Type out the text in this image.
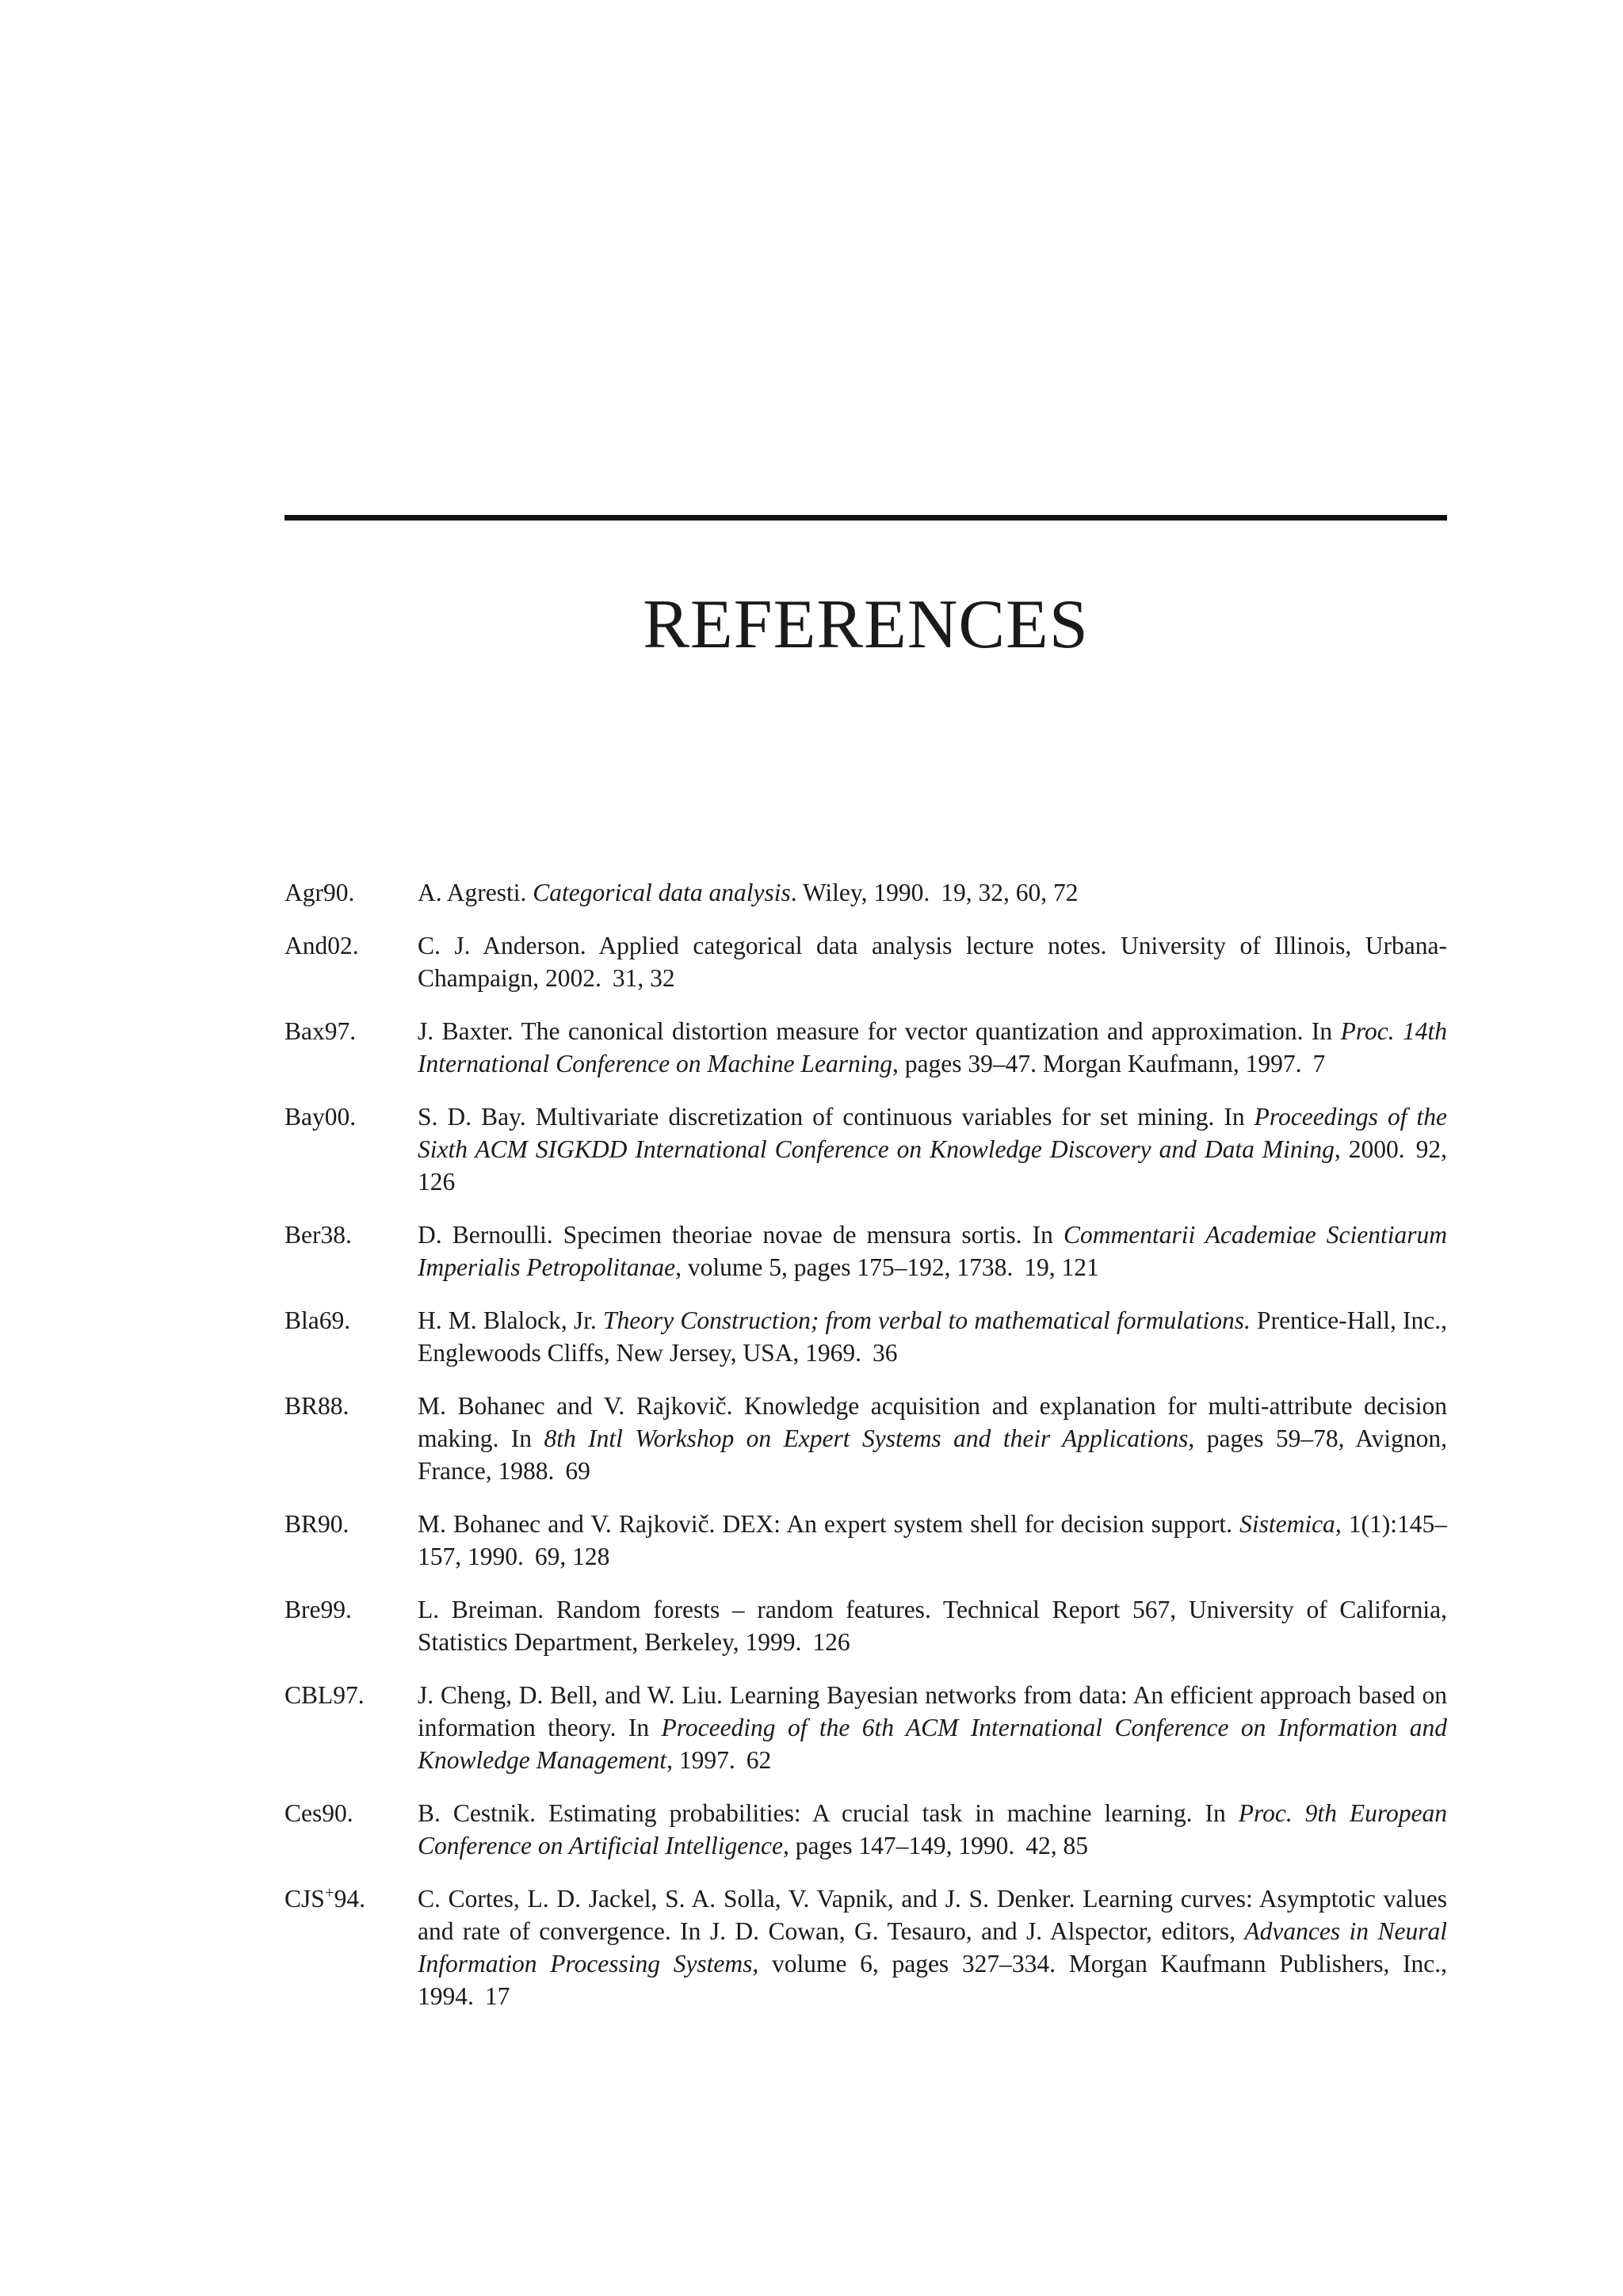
REFERENCES
Agr90.	A. Agresti. Categorical data analysis. Wiley, 1990. 19, 32, 60, 72
And02.	C. J. Anderson. Applied categorical data analysis lecture notes. University of Illinois, Urbana-Champaign, 2002. 31, 32
Bax97.	J. Baxter. The canonical distortion measure for vector quantization and approximation. In Proc. 14th International Conference on Machine Learning, pages 39–47. Morgan Kaufmann, 1997. 7
Bay00.	S. D. Bay. Multivariate discretization of continuous variables for set mining. In Proceedings of the Sixth ACM SIGKDD International Conference on Knowledge Discovery and Data Mining, 2000. 92, 126
Ber38.	D. Bernoulli. Specimen theoriae novae de mensura sortis. In Commentarii Academiae Scientiarum Imperialis Petropolitanae, volume 5, pages 175–192, 1738. 19, 121
Bla69.	H. M. Blalock, Jr. Theory Construction; from verbal to mathematical formulations. Prentice-Hall, Inc., Englewoods Cliffs, New Jersey, USA, 1969. 36
BR88.	M. Bohanec and V. Rajkovič. Knowledge acquisition and explanation for multi-attribute decision making. In 8th Intl Workshop on Expert Systems and their Applications, pages 59–78, Avignon, France, 1988. 69
BR90.	M. Bohanec and V. Rajkovič. DEX: An expert system shell for decision support. Sistemica, 1(1):145–157, 1990. 69, 128
Bre99.	L. Breiman. Random forests – random features. Technical Report 567, University of California, Statistics Department, Berkeley, 1999. 126
CBL97.	J. Cheng, D. Bell, and W. Liu. Learning Bayesian networks from data: An efficient approach based on information theory. In Proceeding of the 6th ACM International Conference on Information and Knowledge Management, 1997. 62
Ces90.	B. Cestnik. Estimating probabilities: A crucial task in machine learning. In Proc. 9th European Conference on Artificial Intelligence, pages 147–149, 1990. 42, 85
CJS+94.	C. Cortes, L. D. Jackel, S. A. Solla, V. Vapnik, and J. S. Denker. Learning curves: Asymptotic values and rate of convergence. In J. D. Cowan, G. Tesauro, and J. Alspector, editors, Advances in Neural Information Processing Systems, volume 6, pages 327–334. Morgan Kaufmann Publishers, Inc., 1994. 17
